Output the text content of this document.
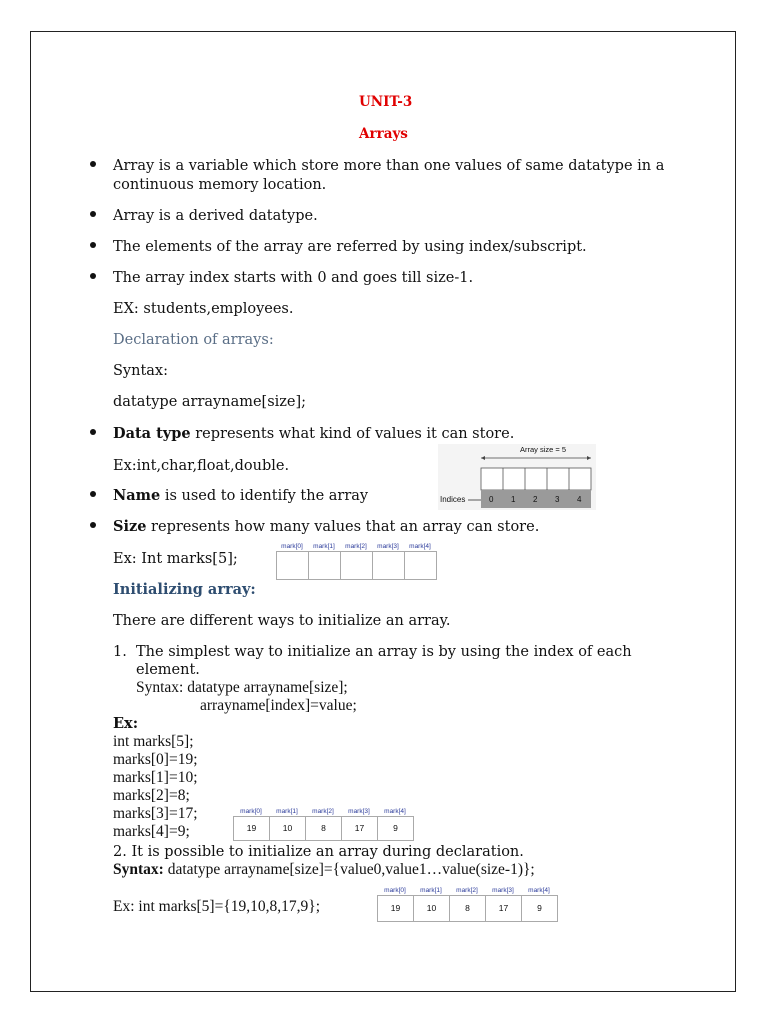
UNIT-3
Arrays
Array is a variable which store more than one values of same datatype in a
continuous memory location.
Array is a derived datatype.
The elements of the array are referred by using index/subscript.
The array index starts with 0 and goes till size-1.
EX: students,employees.
Declaration of arrays:
Syntax:
datatype arrayname[size];
Data type represents what kind of values it can store.
Ex:int,char,float,double.
Array size = 5
Indices	0 1 2 3 4
Name is used to identify the array
Size represents how many values that an array can store.
Ex: Int marks[5];
mark[0]	mark[1]	mark[2]	mark[3]	mark[4]
Initializing array:
There are different ways to initialize an array.
1. The simplest way to initialize an array is by using the index of each
element.
Syntax: datatype arrayname[size];
arrayname[index]=value;
Ex:
int marks[5];
marks[0]=19;
marks[1]=10;
marks[2]=8;
marks[3]=17;
marks[4]=9;
mark[0]	mark[1]	mark[2]	mark[3]	mark[4]
19	10	8	17	9
2. It is possible to initialize an array during declaration.
Syntax: datatype arrayname[size]={value0,value1…value(size-1)};
Ex: int marks[5]={19,10,8,17,9};
mark[0]	mark[1]	mark[2]	mark[3]	mark[4]
19	10	8	17	9
